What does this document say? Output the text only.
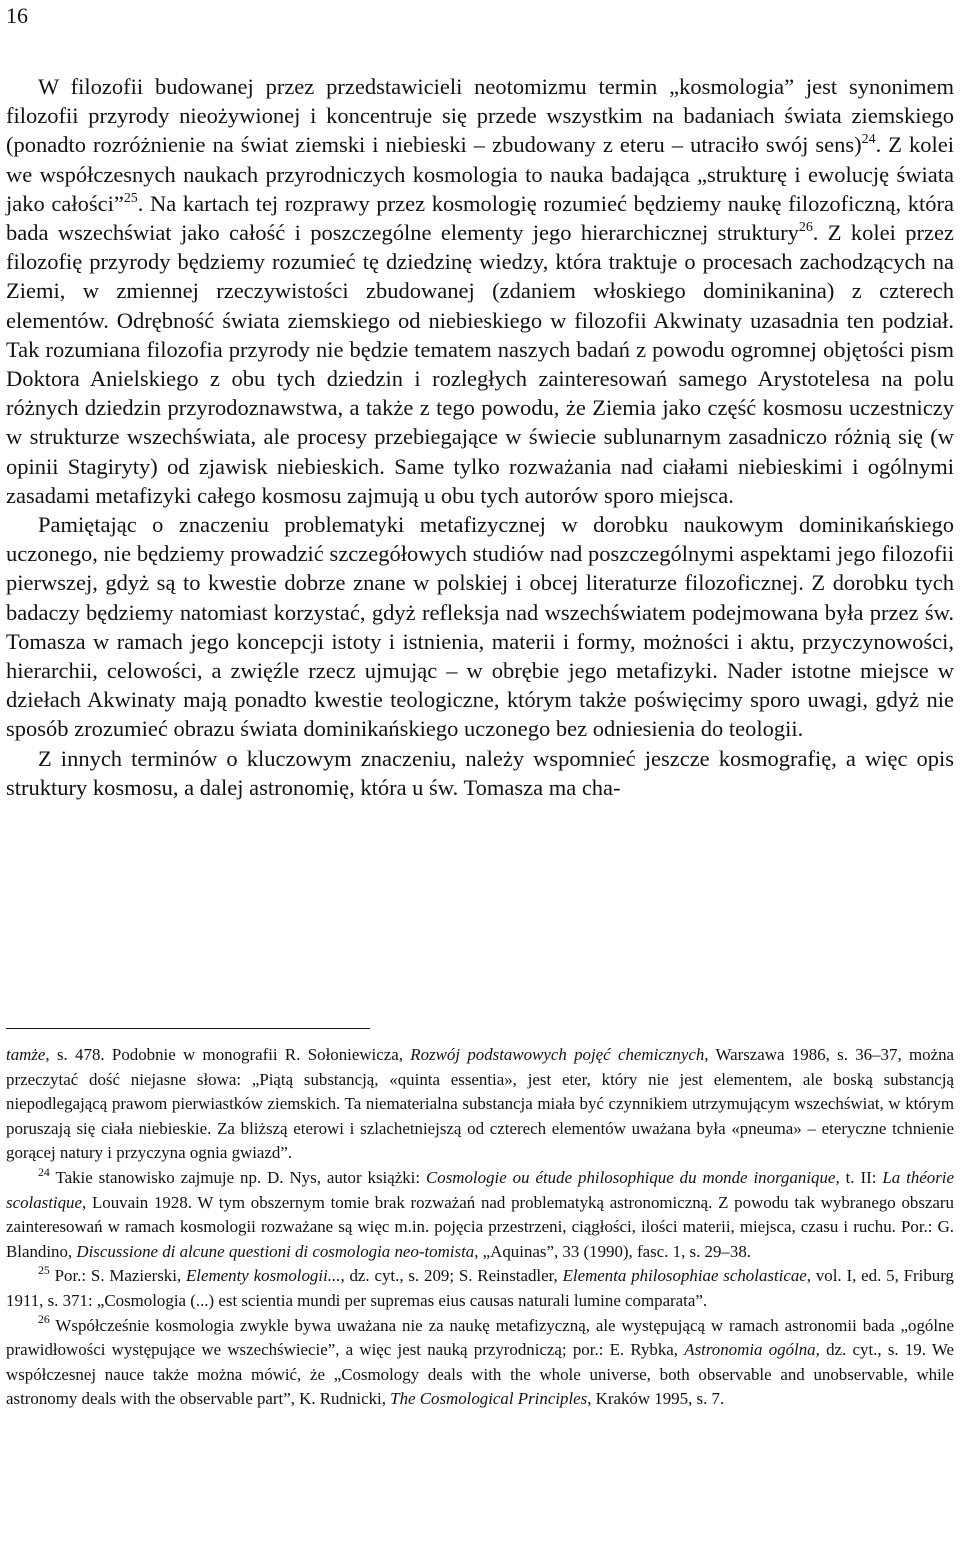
16

W filozofii budowanej przez przedstawicieli neotomizmu termin „kosmologia” jest synonimem filozofii przyrody nieożywionej i koncentruje się przede wszystkim na badaniach świata ziemskiego (ponadto rozróżnienie na świat ziemski i niebieski – zbudowany z eteru – utraciło swój sens)$^{24}$. Z kolei we współczesnych naukach przyrodniczych kosmologia to nauka badająca „strukturę i ewolucję świata jako całości”$^{25}$. Na kartach tej rozprawy przez kosmologię rozumieć będziemy naukę filozoficzną, która bada wszechświat jako całość i poszczególne elementy jego hierarchicznej struktury$^{26}$. Z kolei przez filozofię przyrody będziemy rozumieć tę dziedzinę wiedzy, która traktuje o procesach zachodzących na Ziemi, w zmiennej rzeczywistości zbudowanej (zdaniem włoskiego dominikanina) z czterech elementów. Odrębność świata ziemskiego od niebieskiego w filozofii Akwinaty uzasadnia ten podział. Tak rozumiana filozofia przyrody nie będzie tematem naszych badań z powodu ogromnej objętości pism Doktora Anielskiego z obu tych dziedzin i rozległych zainteresowań samego Arystotelesa na polu różnych dziedzin przyrodoznawstwa, a także z tego powodu, że Ziemia jako część kosmosu uczestniczy w strukturze wszechświata, ale procesy przebiegające w świecie sublunarnym zasadniczo różnią się (w opinii Stagiryty) od zjawisk niebieskich. Same tylko rozważania nad ciałami niebieskimi i ogólnymi zasadami metafizyki całego kosmosu zajmują u obu tych autorów sporo miejsca.

Pamiętając o znaczeniu problematyki metafizycznej w dorobku naukowym dominikańskiego uczonego, nie będziemy prowadzić szczegółowych studiów nad poszczególnymi aspektami jego filozofii pierwszej, gdyż są to kwestie dobrze znane w polskiej i obcej literaturze filozoficznej. Z dorobku tych badaczy będziemy natomiast korzystać, gdyż refleksja nad wszechświatem podejmowana była przez św. Tomasza w ramach jego koncepcji istoty i istnienia, materii i formy, możności i aktu, przyczynowości, hierarchii, celowości, a zwięźle rzecz ujmując – w obrębie jego metafizyki. Nader istotne miejsce w dziełach Akwinaty mają ponadto kwestie teologiczne, którym także poświęcimy sporo uwagi, gdyż nie sposób zrozumieć obrazu świata dominikańskiego uczonego bez odniesienia do teologii.

Z innych terminów o kluczowym znaczeniu, należy wspomnieć jeszcze kosmografię, a więc opis struktury kosmosu, a dalej astronomię, która u św. Tomasza ma cha-

tamże, s. 478. Podobnie w monografii R. Sołoniewicza, Rozwój podstawowych pojęć chemicznych, Warszawa 1986, s. 36–37, można przeczytać dość niejasne słowa: „Piątą substancją, «quinta essentia», jest eter, który nie jest elementem, ale boską substancją niepodlegającą prawom pierwiastków ziemskich. Ta niematerialna substancja miała być czynnikiem utrzymującym wszechświat, w którym poruszają się ciała niebieskie. Za bliższą eterowi i szlachetniejszą od czterech elementów uważana była «pneuma» – eteryczne tchnienie gorącej natury i przyczyna ognia gwiazd”.

$^{24}$ Takie stanowisko zajmuje np. D. Nys, autor książki: Cosmologie ou étude philosophique du monde inorganique, t. II: La théorie scolastique, Louvain 1928. W tym obszernym tomie brak rozważań nad problematyką astronomiczną. Z powodu tak wybranego obszaru zainteresowań w ramach kosmologii rozważane są więc m.in. pojęcia przestrzeni, ciągłości, ilości materii, miejsca, czasu i ruchu. Por.: G. Blandino, Discussione di alcune questioni di cosmologia neo-tomista, „Aquinas”, 33 (1990), fasc. 1, s. 29–38.

$^{25}$ Por.: S. Mazierski, Elementy kosmologii..., dz. cyt., s. 209; S. Reinstadler, Elementa philosophiae scholasticae, vol. I, ed. 5, Friburg 1911, s. 371: „Cosmologia (...) est scientia mundi per supremas eius causas naturali lumine comparata”.

$^{26}$ Współcześnie kosmologia zwykle bywa uważana nie za naukę metafizyczną, ale występującą w ramach astronomii bada „ogólne prawidłowości występujące we wszechświecie”, a więc jest nauką przyrodniczą; por.: E. Rybka, Astronomia ogólna, dz. cyt., s. 19. We współczesnej nauce także można mówić, że „Cosmology deals with the whole universe, both observable and unobservable, while astronomy deals with the observable part”, K. Rudnicki, The Cosmological Principles, Kraków 1995, s. 7.
